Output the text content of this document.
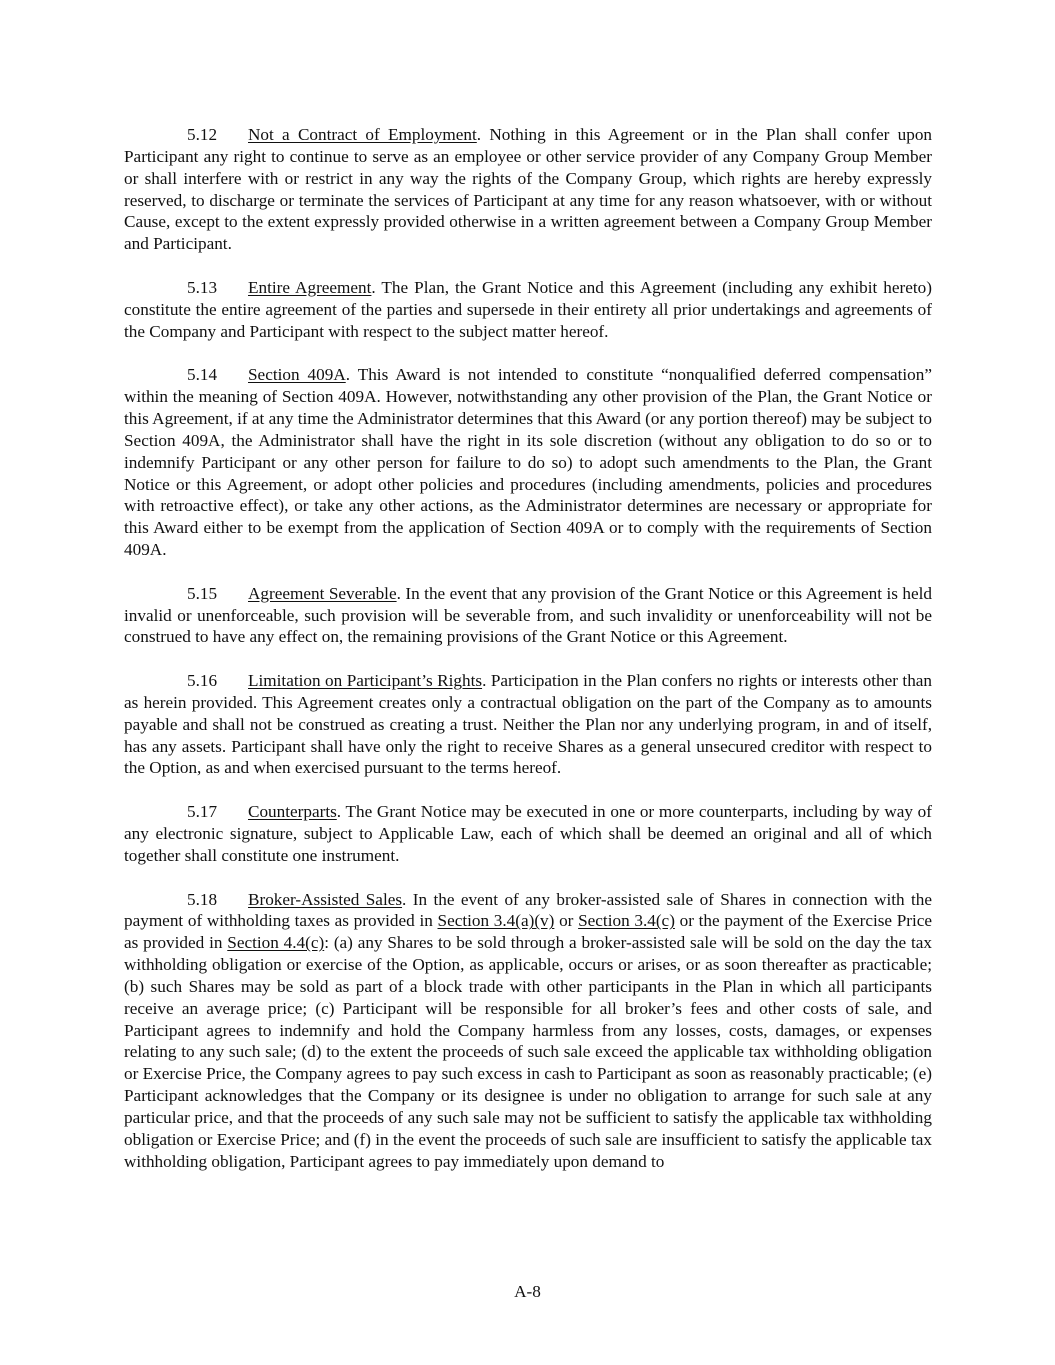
5.12 Not a Contract of Employment. Nothing in this Agreement or in the Plan shall confer upon Participant any right to continue to serve as an employee or other service provider of any Company Group Member or shall interfere with or restrict in any way the rights of the Company Group, which rights are hereby expressly reserved, to discharge or terminate the services of Participant at any time for any reason whatsoever, with or without Cause, except to the extent expressly provided otherwise in a written agreement between a Company Group Member and Participant.

5.13 Entire Agreement. The Plan, the Grant Notice and this Agreement (including any exhibit hereto) constitute the entire agreement of the parties and supersede in their entirety all prior undertakings and agreements of the Company and Participant with respect to the subject matter hereof.

5.14 Section 409A. This Award is not intended to constitute “nonqualified deferred compensation” within the meaning of Section 409A. However, notwithstanding any other provision of the Plan, the Grant Notice or this Agreement, if at any time the Administrator determines that this Award (or any portion thereof) may be subject to Section 409A, the Administrator shall have the right in its sole discretion (without any obligation to do so or to indemnify Participant or any other person for failure to do so) to adopt such amendments to the Plan, the Grant Notice or this Agreement, or adopt other policies and procedures (including amendments, policies and procedures with retroactive effect), or take any other actions, as the Administrator determines are necessary or appropriate for this Award either to be exempt from the application of Section 409A or to comply with the requirements of Section 409A.

5.15 Agreement Severable. In the event that any provision of the Grant Notice or this Agreement is held invalid or unenforceable, such provision will be severable from, and such invalidity or unenforceability will not be construed to have any effect on, the remaining provisions of the Grant Notice or this Agreement.

5.16 Limitation on Participant’s Rights. Participation in the Plan confers no rights or interests other than as herein provided. This Agreement creates only a contractual obligation on the part of the Company as to amounts payable and shall not be construed as creating a trust. Neither the Plan nor any underlying program, in and of itself, has any assets. Participant shall have only the right to receive Shares as a general unsecured creditor with respect to the Option, as and when exercised pursuant to the terms hereof.

5.17 Counterparts. The Grant Notice may be executed in one or more counterparts, including by way of any electronic signature, subject to Applicable Law, each of which shall be deemed an original and all of which together shall constitute one instrument.

5.18 Broker-Assisted Sales. In the event of any broker-assisted sale of Shares in connection with the payment of withholding taxes as provided in Section 3.4(a)(v) or Section 3.4(c) or the payment of the Exercise Price as provided in Section 4.4(c): (a) any Shares to be sold through a broker-assisted sale will be sold on the day the tax withholding obligation or exercise of the Option, as applicable, occurs or arises, or as soon thereafter as practicable; (b) such Shares may be sold as part of a block trade with other participants in the Plan in which all participants receive an average price; (c) Participant will be responsible for all broker’s fees and other costs of sale, and Participant agrees to indemnify and hold the Company harmless from any losses, costs, damages, or expenses relating to any such sale; (d) to the extent the proceeds of such sale exceed the applicable tax withholding obligation or Exercise Price, the Company agrees to pay such excess in cash to Participant as soon as reasonably practicable; (e) Participant acknowledges that the Company or its designee is under no obligation to arrange for such sale at any particular price, and that the proceeds of any such sale may not be sufficient to satisfy the applicable tax withholding obligation or Exercise Price; and (f) in the event the proceeds of such sale are insufficient to satisfy the applicable tax withholding obligation, Participant agrees to pay immediately upon demand to

A-8
